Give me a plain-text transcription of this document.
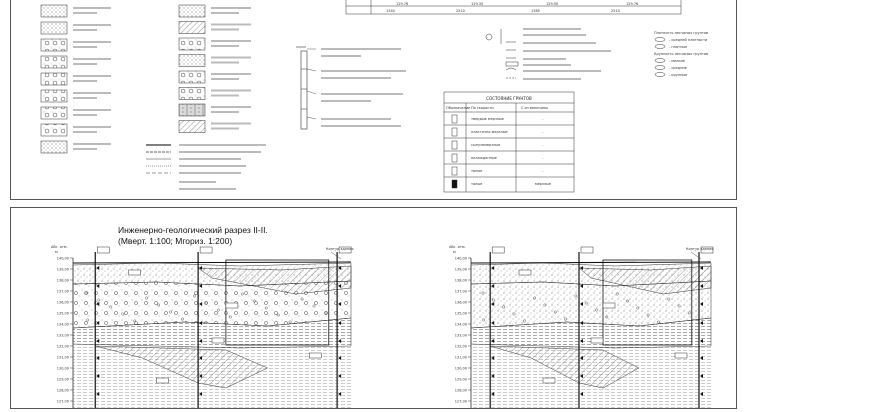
129.76	129.35	129.50	129.76
1340	2510	1385	2510
СОСТОЯНИЕ ГРУНТОВ
Обозначение По скорости	С из величины
твердые мерзлые	-
пластично-мерзлые	-
сыпучемерзлые	-
охлажденные	-
талые	-
талые	мёрзлые
Плотность песчаных грунтов
- средней плотности
- плотные
Крупность песчаных грунтов
- мелкие
- средние
- крупные
Абс. отм.
м
140,00
139,00
138,00
137,00
136,00
135,00
134,00
133,00
132,00
131,00
130,00
129,00
128,00
127,00
Контур здания	Абс. отм.
м
140,00
139,00
138,00
137,00
136,00
135,00
134,00
133,00
132,00
131,00
130,00
129,00
128,00
127,00
Контур здания
Инженерно-геологический разрез II-II.
(Мверт. 1:100; Мгориз. 1:200)
